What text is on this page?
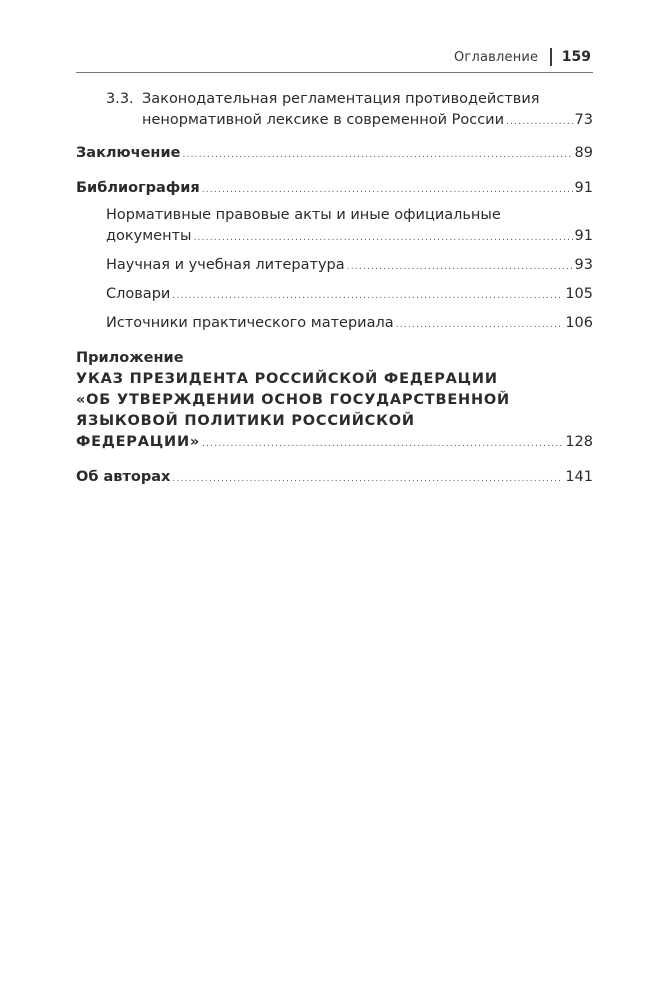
Оглавление 159
3.3. Законодательная регламентация противодействия
ненормативной лексике в современной России .....	73
Заключение .....	89
Библиография .....	91
Нормативные правовые акты и иные официальные
документы .....	91
Научная и учебная литература .....	93
Словари .....	105
Источники практического материала .....	106
Приложение
УКАЗ ПРЕЗИДЕНТА РОССИЙСКОЙ ФЕДЕРАЦИИ
«ОБ УТВЕРЖДЕНИИ ОСНОВ ГОСУДАРСТВЕННОЙ
ЯЗЫКОВОЙ ПОЛИТИКИ РОССИЙСКОЙ
ФЕДЕРАЦИИ» .....	128
Об авторах .....	141
